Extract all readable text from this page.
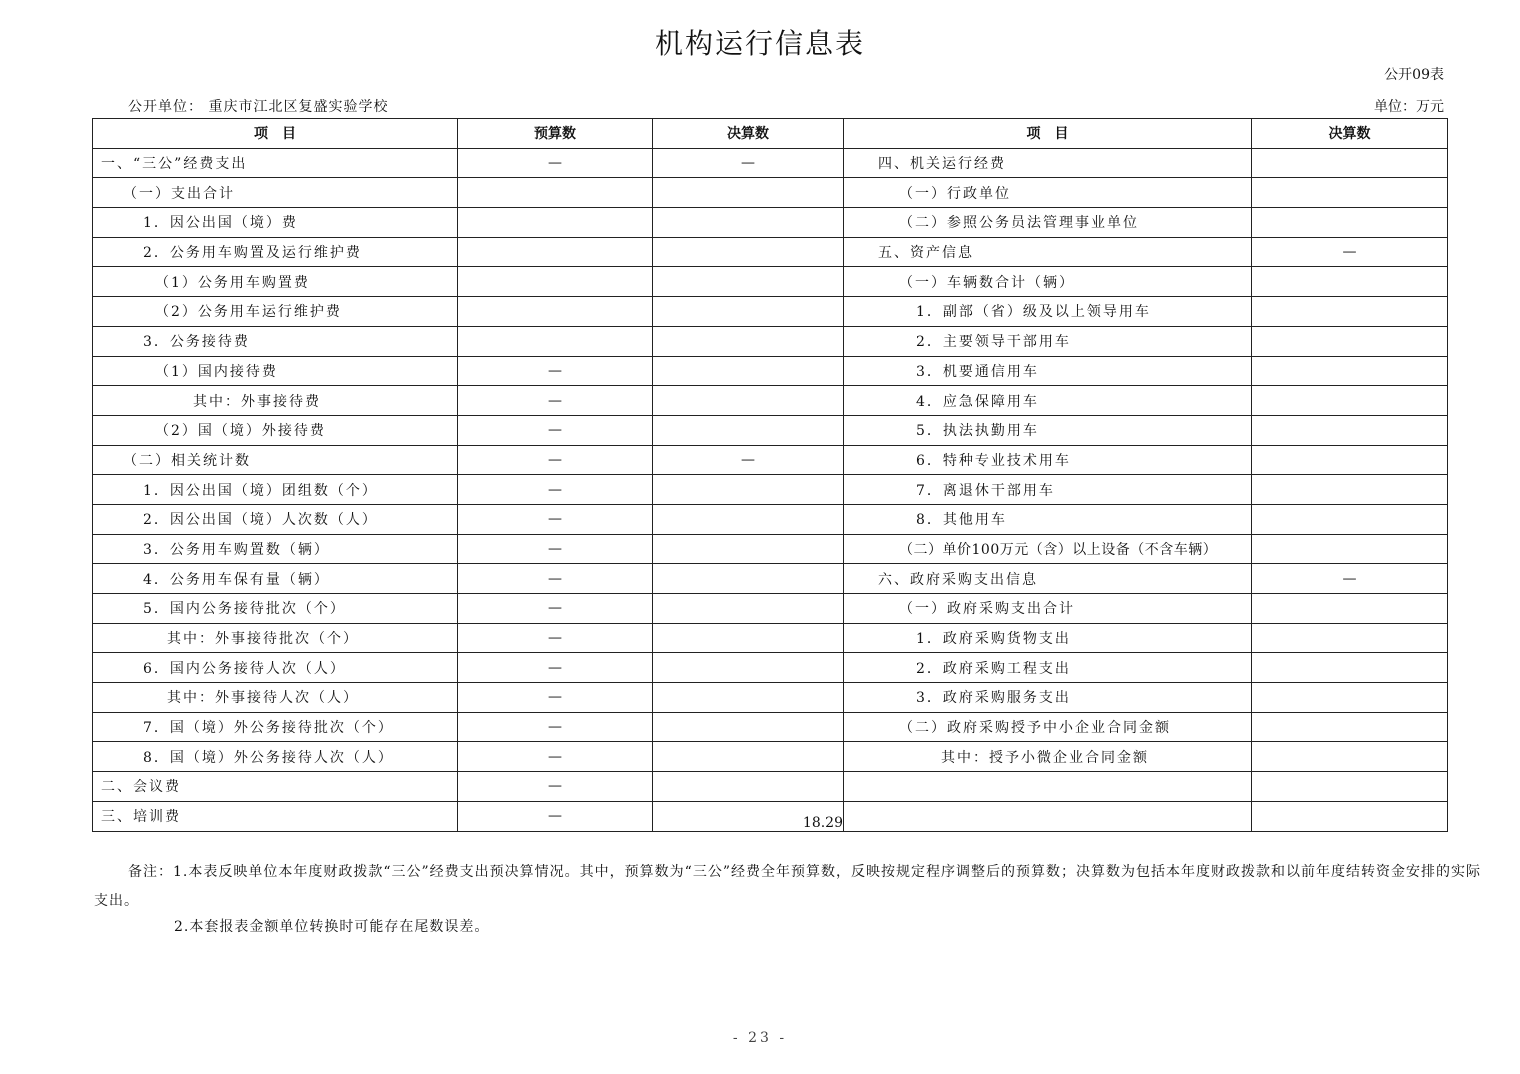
机构运行信息表
公开09表
公开单位： 重庆市江北区复盛实验学校	单位：万元
项　目	预算数	决算数	项　目	决算数
一、“三公”经费支出	—	—	四、机关运行经费	
（一）支出合计			（一）行政单位	
1．因公出国（境）费			（二）参照公务员法管理事业单位	
2．公务用车购置及运行维护费			五、资产信息	—
（1）公务用车购置费			（一）车辆数合计（辆）	
（2）公务用车运行维护费			1．副部（省）级及以上领导用车	
3．公务接待费			2．主要领导干部用车	
（1）国内接待费	—		3．机要通信用车	
其中：外事接待费	—		4．应急保障用车	
（2）国（境）外接待费	—		5．执法执勤用车	
（二）相关统计数	—	—	6．特种专业技术用车	
1．因公出国（境）团组数（个）	—		7．离退休干部用车	
2．因公出国（境）人次数（人）	—		8．其他用车	
3．公务用车购置数（辆）	—		（二）单价100万元（含）以上设备（不含车辆）	
4．公务用车保有量（辆）	—		六、政府采购支出信息	—
5．国内公务接待批次（个）	—		（一）政府采购支出合计	
其中：外事接待批次（个）	—		1．政府采购货物支出	
6．国内公务接待人次（人）	—		2．政府采购工程支出	
其中：外事接待人次（人）	—		3．政府采购服务支出	
7．国（境）外公务接待批次（个）	—		（二）政府采购授予中小企业合同金额	
8．国（境）外公务接待人次（人）	—		其中：授予小微企业合同金额	
二、会议费	—			
三、培训费	—	18.29		
备注：1.本表反映单位本年度财政拨款“三公”经费支出预决算情况。其中，预算数为“三公”经费全年预算数，反映按规定程序调整后的预算数；决算数为包括本年度财政拨款和以前年度结转资金安排的实际支出。
2.本套报表金额单位转换时可能存在尾数误差。
- 23 -
